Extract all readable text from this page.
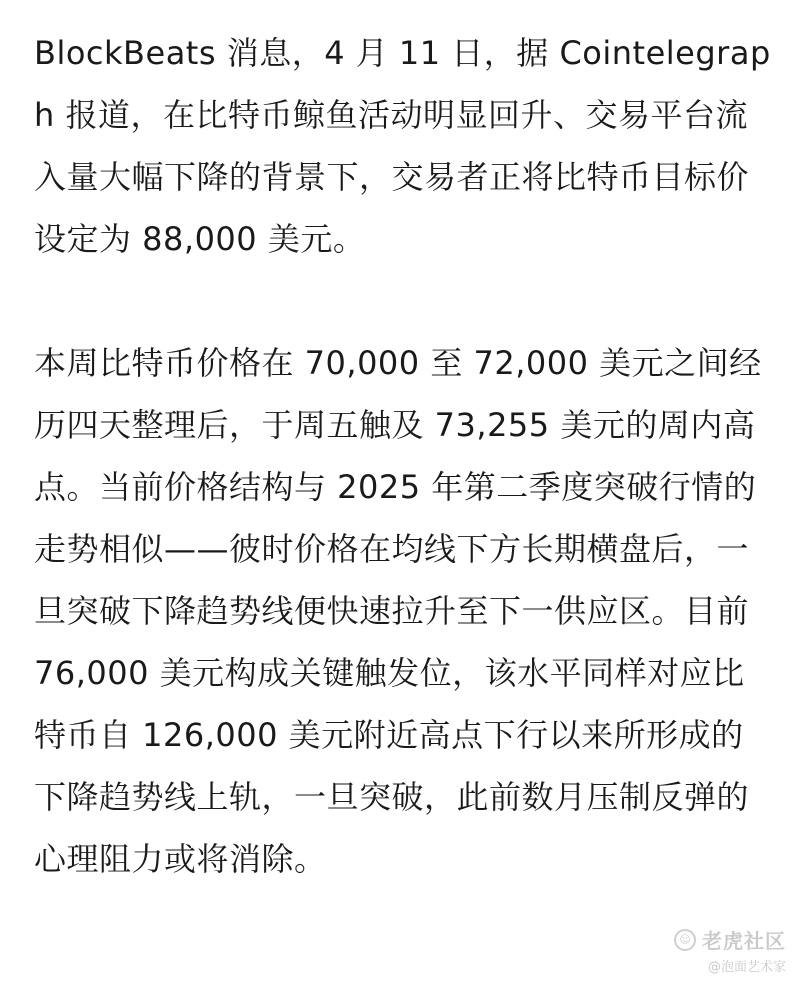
BlockBeats 消息，4 月 11 日，据 Cointelegraph 报道，在比特币鲸鱼活动明显回升、交易平台流入量大幅下降的背景下，交易者正将比特币目标价设定为 88,000 美元。

本周比特币价格在 70,000 至 72,000 美元之间经历四天整理后，于周五触及 73,255 美元的周内高点。当前价格结构与 2025 年第二季度突破行情的走势相似——彼时价格在均线下方长期横盘后，一旦突破下降趋势线便快速拉升至下一供应区。目前 76,000 美元构成关键触发位，该水平同样对应比特币自 126,000 美元附近高点下行以来所形成的下降趋势线上轨，一旦突破，此前数月压制反弹的心理阻力或将消除。

☺ 老虎社区
@泡面艺术家
